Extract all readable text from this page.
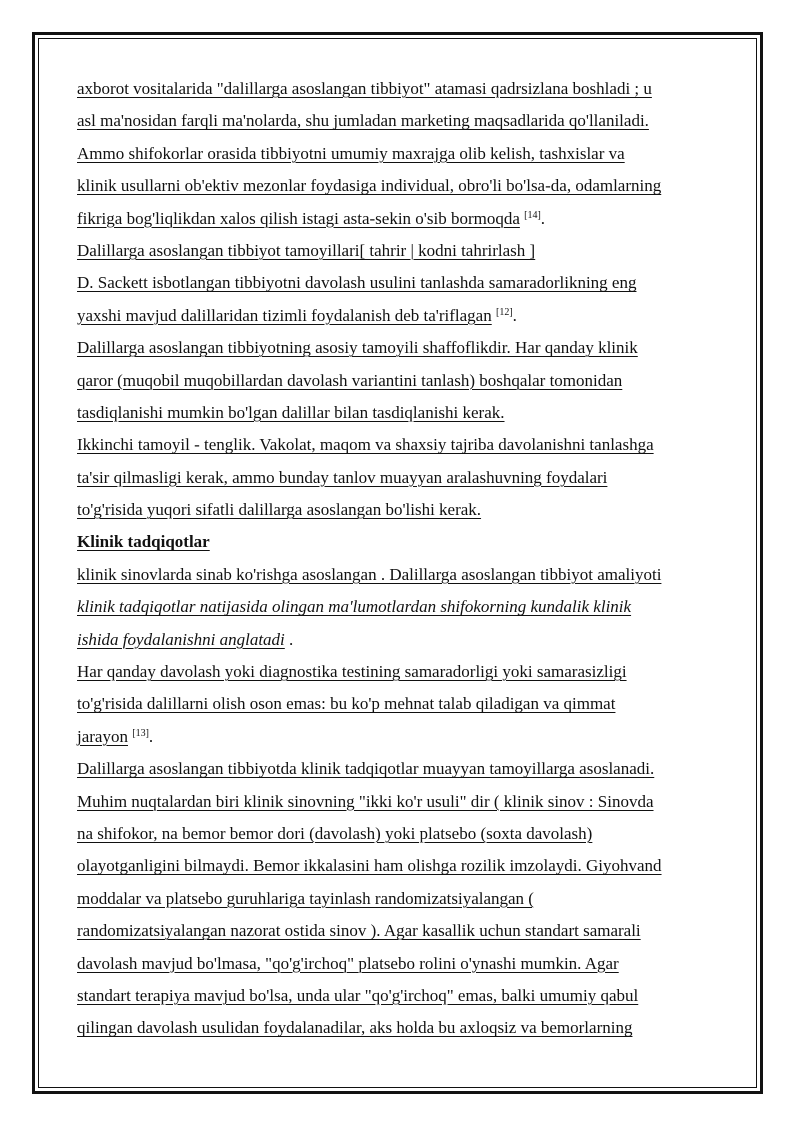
axborot vositalarida "dalillarga asoslangan tibbiyot" atamasi qadrsizlana boshladi ; u
asl ma'nosidan farqli ma'nolarda, shu jumladan marketing maqsadlarida qo'llaniladi.
Ammo shifokorlar orasida tibbiyotni umumiy maxrajga olib kelish, tashxislar va
klinik usullarni ob'ektiv mezonlar foydasiga individual, obro'li bo'lsa-da, odamlarning
fikriga bog'liqlikdan xalos qilish istagi asta-sekin o'sib bormoqda [14].
Dalillarga asoslangan tibbiyot tamoyillari[ tahrir | kodni tahrirlash ]
D. Sackett isbotlangan tibbiyotni davolash usulini tanlashda samaradorlikning eng
yaxshi mavjud dalillaridan tizimli foydalanish deb ta'riflagan [12].
Dalillarga asoslangan tibbiyotning asosiy tamoyili shaffoflikdir. Har qanday klinik
qaror (muqobil muqobillardan davolash variantini tanlash) boshqalar tomonidan
tasdiqlanishi mumkin bo'lgan dalillar bilan tasdiqlanishi kerak.
Ikkinchi tamoyil - tenglik. Vakolat, maqom va shaxsiy tajriba davolanishni tanlashga
ta'sir qilmasligi kerak, ammo bunday tanlov muayyan aralashuvning foydalari
to'g'risida yuqori sifatli dalillarga asoslangan bo'lishi kerak.
Klinik tadqiqotlar
klinik sinovlarda sinab ko'rishga asoslangan . Dalillarga asoslangan tibbiyot amaliyoti
klinik tadqiqotlar natijasida olingan ma'lumotlardan shifokorning kundalik klinik
ishida foydalanishni anglatadi .
Har qanday davolash yoki diagnostika testining samaradorligi yoki samarasizligi
to'g'risida dalillarni olish oson emas: bu ko'p mehnat talab qiladigan va qimmat
jarayon [13].
Dalillarga asoslangan tibbiyotda klinik tadqiqotlar muayyan tamoyillarga asoslanadi.
Muhim nuqtalardan biri klinik sinovning "ikki ko'r usuli" dir ( klinik sinov : Sinovda
na shifokor, na bemor bemor dori (davolash) yoki platsebo (soxta davolash)
olayotganligini bilmaydi. Bemor ikkalasini ham olishga rozilik imzolaydi. Giyohvand
moddalar va platsebo guruhlariga tayinlash randomizatsiyalangan (
randomizatsiyalangan nazorat ostida sinov ). Agar kasallik uchun standart samarali
davolash mavjud bo'lmasa, "qo'g'irchoq" platsebo rolini o'ynashi mumkin. Agar
standart terapiya mavjud bo'lsa, unda ular "qo'g'irchoq" emas, balki umumiy qabul
qilingan davolash usulidan foydalanadilar, aks holda bu axloqsiz va bemorlarning
